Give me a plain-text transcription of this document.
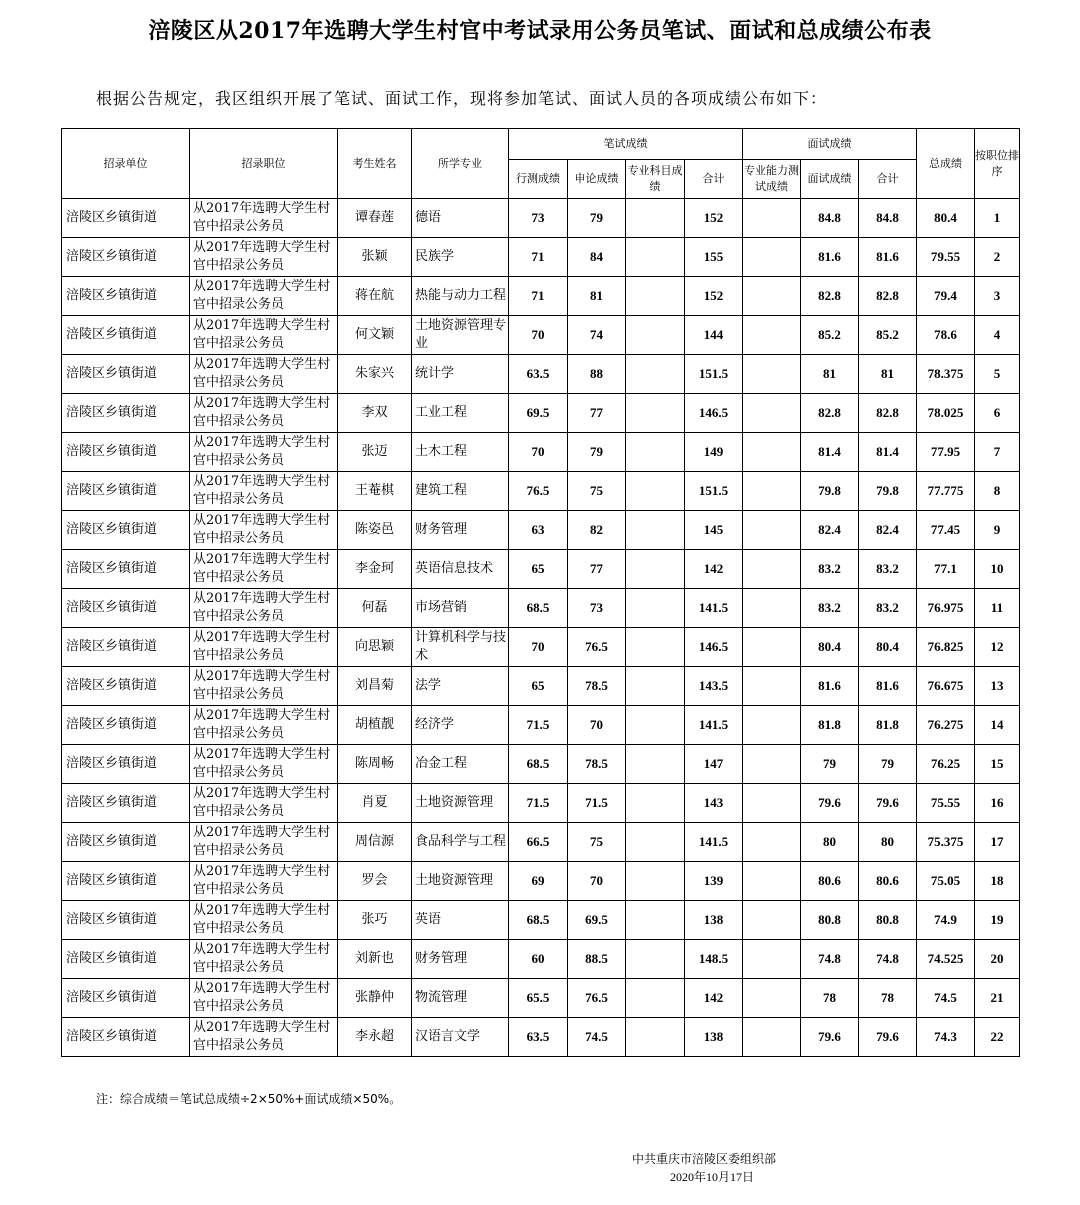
涪陵区从2017年选聘大学生村官中考试录用公务员笔试、面试和总成绩公布表
根据公告规定，我区组织开展了笔试、面试工作，现将参加笔试、面试人员的各项成绩公布如下：
招录单位	招录职位	考生姓名	所学专业	笔试成绩				面试成绩			总成绩	按职位排序
				行测成绩	申论成绩	专业科目成绩	合计	专业能力测试成绩	面试成绩	合计		
涪陵区乡镇街道	从2017年选聘大学生村官中招录公务员	谭春莲	德语	73	79		152		84.8	84.8	80.4	1
涪陵区乡镇街道	从2017年选聘大学生村官中招录公务员	张颖	民族学	71	84		155		81.6	81.6	79.55	2
涪陵区乡镇街道	从2017年选聘大学生村官中招录公务员	蒋在航	热能与动力工程	71	81		152		82.8	82.8	79.4	3
涪陵区乡镇街道	从2017年选聘大学生村官中招录公务员	何文颖	土地资源管理专业	70	74		144		85.2	85.2	78.6	4
涪陵区乡镇街道	从2017年选聘大学生村官中招录公务员	朱家兴	统计学	63.5	88		151.5		81	81	78.375	5
涪陵区乡镇街道	从2017年选聘大学生村官中招录公务员	李双	工业工程	69.5	77		146.5		82.8	82.8	78.025	6
涪陵区乡镇街道	从2017年选聘大学生村官中招录公务员	张迈	土木工程	70	79		149		81.4	81.4	77.95	7
涪陵区乡镇街道	从2017年选聘大学生村官中招录公务员	王菴棋	建筑工程	76.5	75		151.5		79.8	79.8	77.775	8
涪陵区乡镇街道	从2017年选聘大学生村官中招录公务员	陈姿邑	财务管理	63	82		145		82.4	82.4	77.45	9
涪陵区乡镇街道	从2017年选聘大学生村官中招录公务员	李金珂	英语信息技术	65	77		142		83.2	83.2	77.1	10
涪陵区乡镇街道	从2017年选聘大学生村官中招录公务员	何磊	市场营销	68.5	73		141.5		83.2	83.2	76.975	11
涪陵区乡镇街道	从2017年选聘大学生村官中招录公务员	向思颖	计算机科学与技术	70	76.5		146.5		80.4	80.4	76.825	12
涪陵区乡镇街道	从2017年选聘大学生村官中招录公务员	刘昌菊	法学	65	78.5		143.5		81.6	81.6	76.675	13
涪陵区乡镇街道	从2017年选聘大学生村官中招录公务员	胡植靓	经济学	71.5	70		141.5		81.8	81.8	76.275	14
涪陵区乡镇街道	从2017年选聘大学生村官中招录公务员	陈周畅	冶金工程	68.5	78.5		147		79	79	76.25	15
涪陵区乡镇街道	从2017年选聘大学生村官中招录公务员	肖夏	土地资源管理	71.5	71.5		143		79.6	79.6	75.55	16
涪陵区乡镇街道	从2017年选聘大学生村官中招录公务员	周信源	食品科学与工程	66.5	75		141.5		80	80	75.375	17
涪陵区乡镇街道	从2017年选聘大学生村官中招录公务员	罗会	土地资源管理	69	70		139		80.6	80.6	75.05	18
涪陵区乡镇街道	从2017年选聘大学生村官中招录公务员	张巧	英语	68.5	69.5		138		80.8	80.8	74.9	19
涪陵区乡镇街道	从2017年选聘大学生村官中招录公务员	刘新也	财务管理	60	88.5		148.5		74.8	74.8	74.525	20
涪陵区乡镇街道	从2017年选聘大学生村官中招录公务员	张静仲	物流管理	65.5	76.5		142		78	78	74.5	21
涪陵区乡镇街道	从2017年选聘大学生村官中招录公务员	李永超	汉语言文学	63.5	74.5		138		79.6	79.6	74.3	22
注：综合成绩＝笔试总成绩÷2×50%+面试成绩×50%。
中共重庆市涪陵区委组织部
2020年10月17日
